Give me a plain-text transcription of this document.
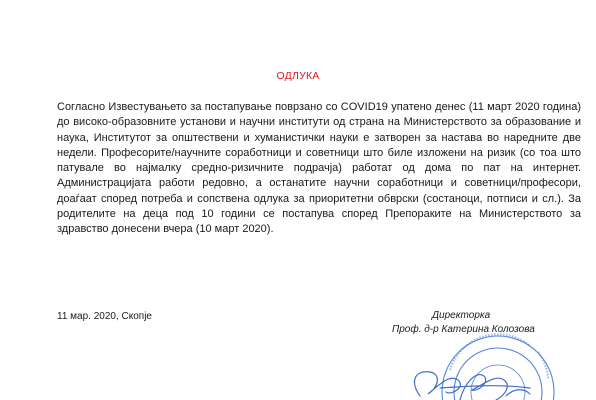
ОДЛУКА

Согласно Известувањето за постапување поврзано со COVID19 упатено денес (11 март 2020 година) до високо-образовните установи и научни институти од страна на Министерството за образование и наука, Институтот за општествени и хуманистички науки е затворен за настава во наредните две недели. Професорите/научните соработници и советници што биле изложени на ризик (со тоа што патувале во најмалку средно-ризичните подрачја) работат од дома по пат на интернет. Администрацијата работи редовно, а останатите научни соработници и советници/професори, доаѓаат според потреба и сопствена одлука за приоритетни обврски (состаноци, потписи и сл.). За родителите на деца под 10 години се постапува според Препораките на Министерството за здравство донесени вчера (10 март 2020).

11 мар. 2020, Скопје	Директорка
Проф. д-р Катерина Колозова
